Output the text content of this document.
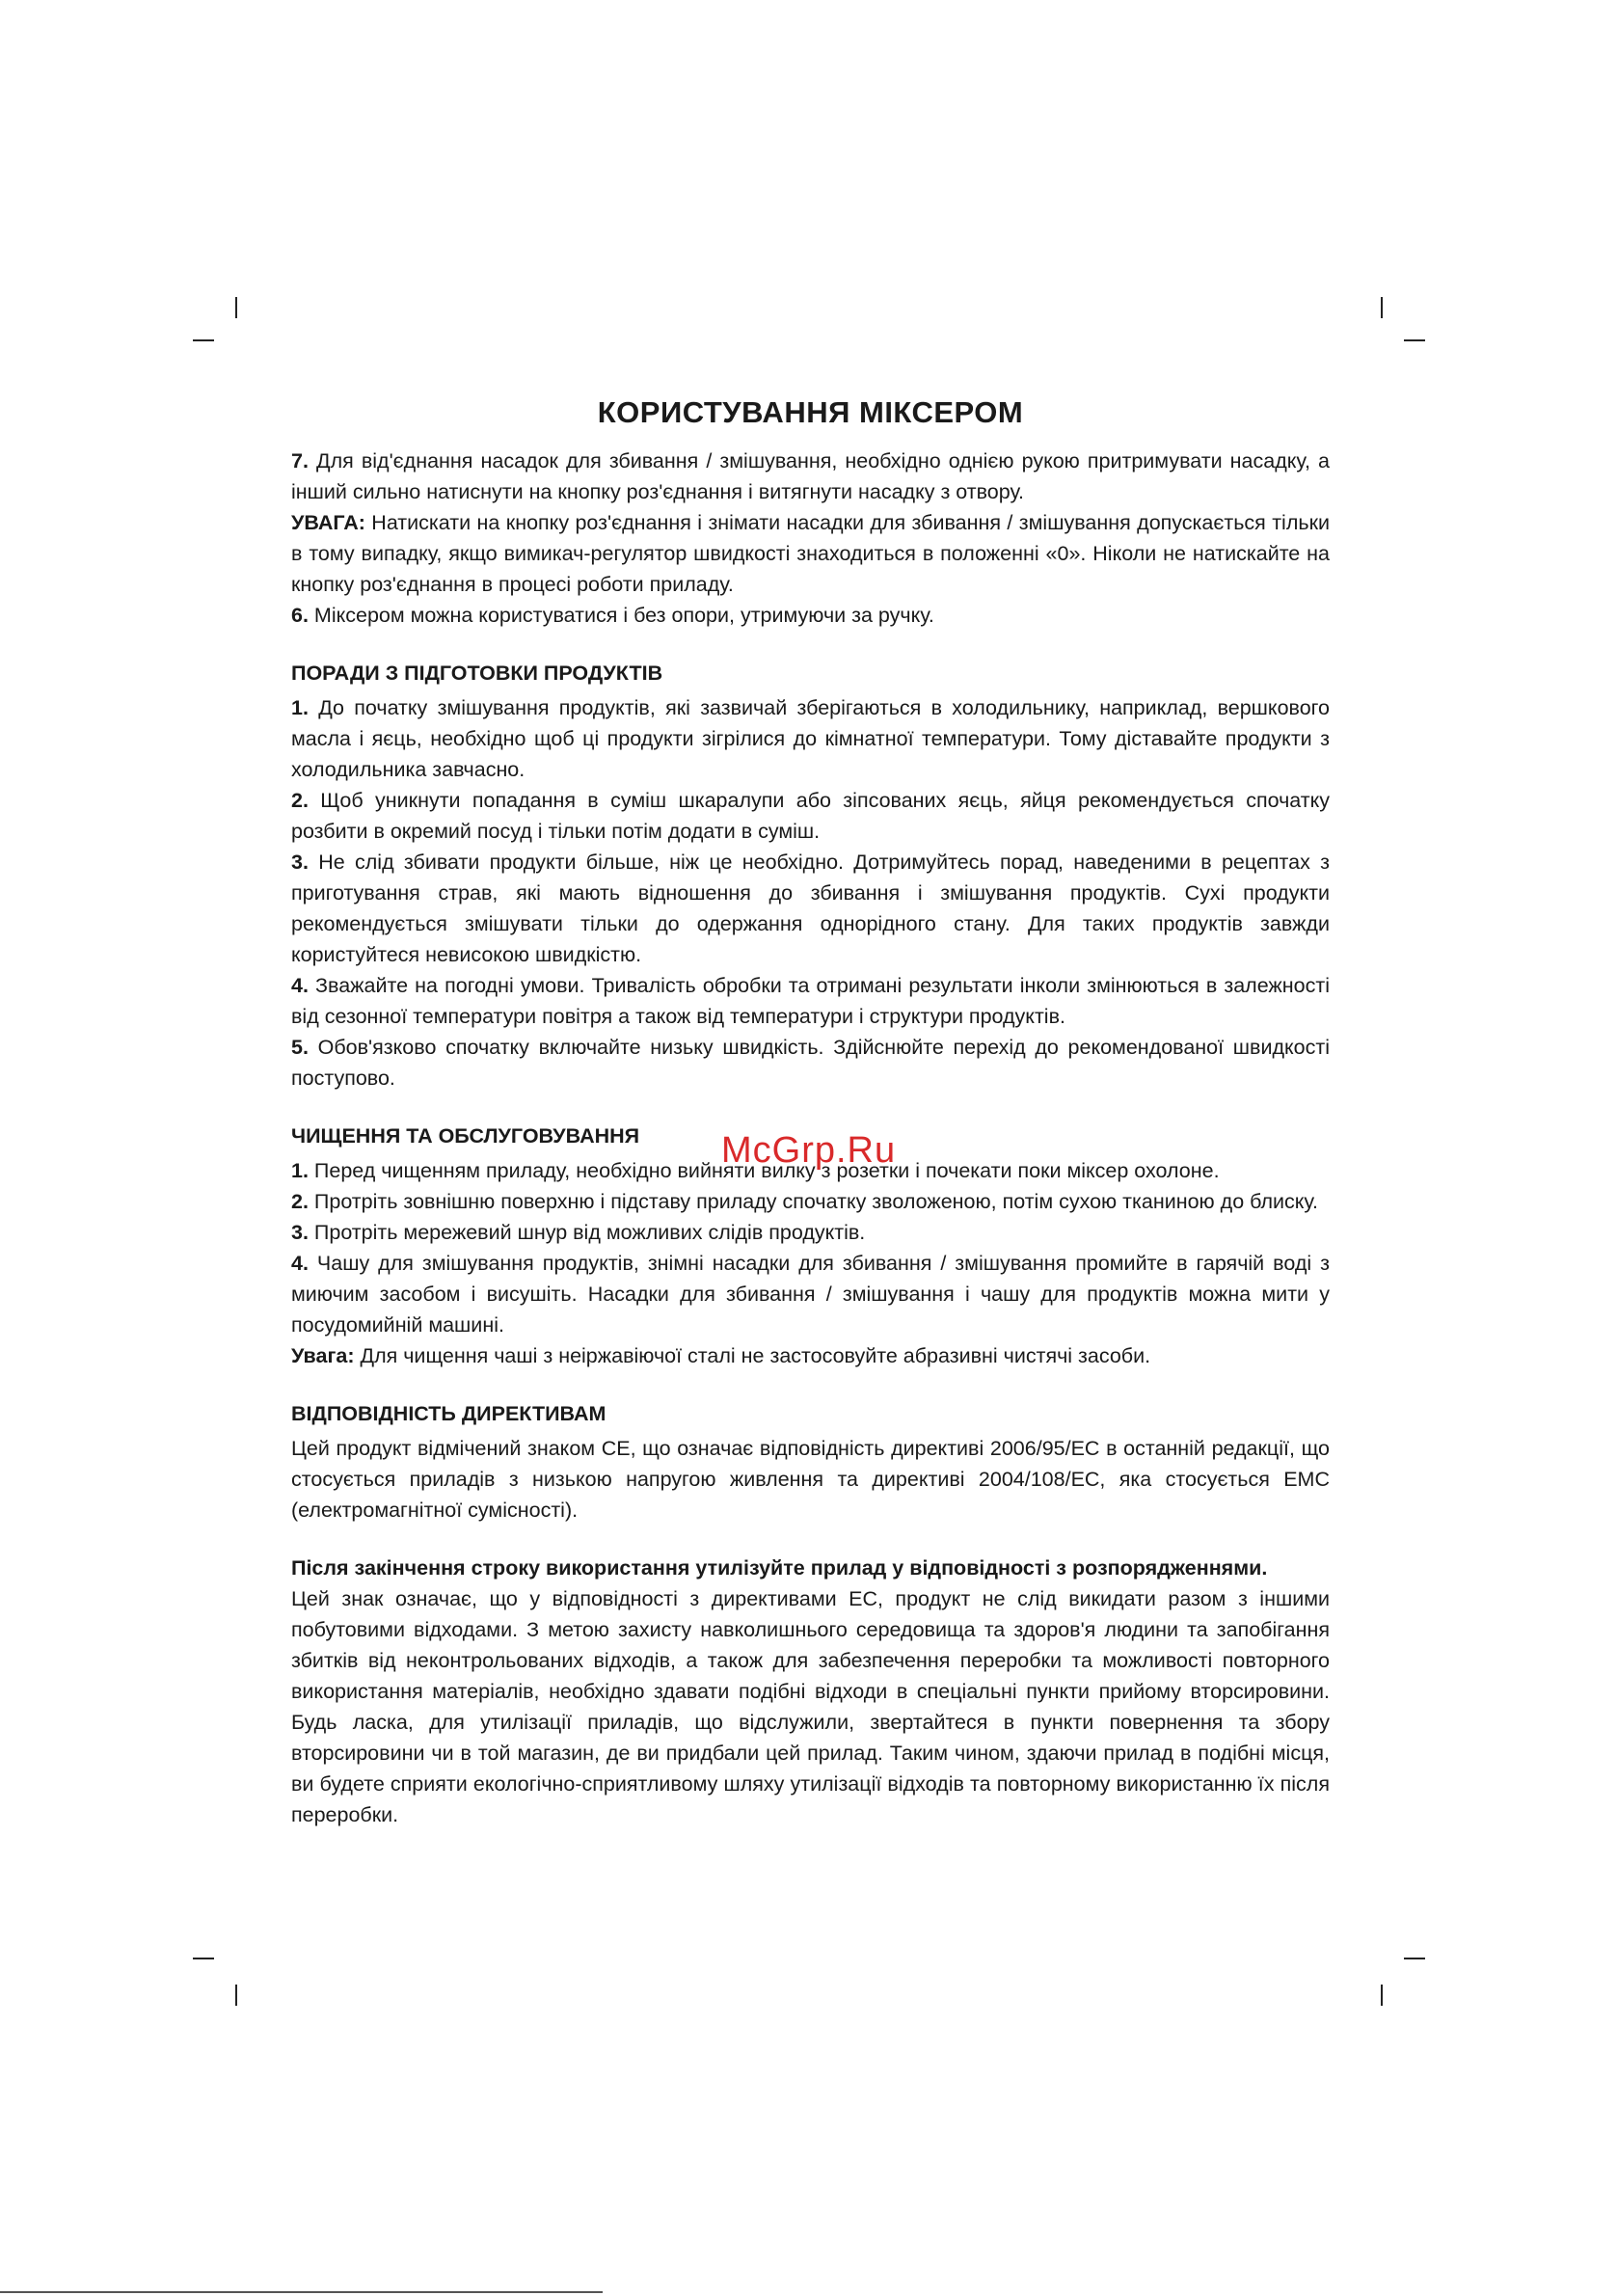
КОРИСТУВАННЯ МІКСЕРОМ

7. Для від'єднання насадок для збивання / змішування, необхідно однією рукою притримувати насадку, а інший сильно натиснути на кнопку роз'єднання і витягнути насадку з отвору.

УВАГА: Натискати на кнопку роз'єднання і знімати насадки для збивання / змішування допускається тільки в тому випадку, якщо вимикач-регулятор швидкості знаходиться в положенні «0». Ніколи не натискайте на кнопку роз'єднання в процесі роботи приладу.

6. Міксером можна користуватися і без опори, утримуючи за ручку.

ПОРАДИ З ПІДГОТОВКИ ПРОДУКТІВ

1. До початку змішування продуктів, які зазвичай зберігаються в холодильнику, наприклад, вершкового масла і яєць, необхідно щоб ці продукти зігрілися до кімнатної температури. Тому діставайте продукти з холодильника завчасно.

2. Щоб уникнути попадання в суміш шкаралупи або зіпсованих яєць, яйця рекомендується спочатку розбити в окремий посуд і тільки потім додати в суміш.

3. Не слід збивати продукти більше, ніж це необхідно. Дотримуйтесь порад, наведеними в рецептах з приготування страв, які мають відношення до збивання і змішування продуктів. Сухі продукти рекомендується змішувати тільки до одержання однорідного стану. Для таких продуктів завжди користуйтеся невисокою швидкістю.

4. Зважайте на погодні умови. Тривалість обробки та отримані результати інколи змінюються в залежності від сезонної температури повітря а також від температури і структури продуктів.

5. Обов'язково спочатку включайте низьку швидкість. Здійснюйте перехід до рекомендованої швидкості поступово.

ЧИЩЕННЯ ТА ОБСЛУГОВУВАННЯ

1. Перед чищенням приладу, необхідно вийняти вилку з розетки і почекати поки міксер охолоне.

2. Протріть зовнішню поверхню і підставу приладу спочатку зволоженою, потім сухою тканиною до блиску.

3. Протріть мережевий шнур від можливих слідів продуктів.

4. Чашу для змішування продуктів, знімні насадки для збивання / змішування промийте в гарячій воді з миючим засобом і висушіть. Насадки для збивання / змішування і чашу для продуктів можна мити у посудомийній машині.

Увага: Для чищення чаші з неіржавіючої сталі не застосовуйте абразивні чистячі засоби.

ВІДПОВІДНІСТЬ ДИРЕКТИВАМ

Цей продукт відмічений знаком CE, що означає відповідність директиві 2006/95/EC в останній редакції, що стосується приладів з низькою напругою живлення та директиві 2004/108/EC, яка стосується EMC (електромагнітної сумісності).

Після закінчення строку використання утилізуйте прилад у відповідності з розпорядженнями.

Цей знак означає, що у відповідності з директивами ЕС, продукт не слід викидати разом з іншими побутовими відходами. З метою захисту навколишнього середовища та здоров'я людини та запобігання збитків від неконтрольованих відходів, а також для забезпечення переробки та можливості повторного використання матеріалів, необхідно здавати подібні відходи в спеціальні пункти прийому вторсировини. Будь ласка, для утилізації приладів, що відслужили, звертайтеся в пункти повернення та збору вторсировини чи в той магазин, де ви придбали цей прилад. Таким чином, здаючи прилад в подібні місця, ви будете сприяти екологічно-сприятливому шляху утилізації відходів та повторному використанню їх після переробки.

McGrp.Ru
